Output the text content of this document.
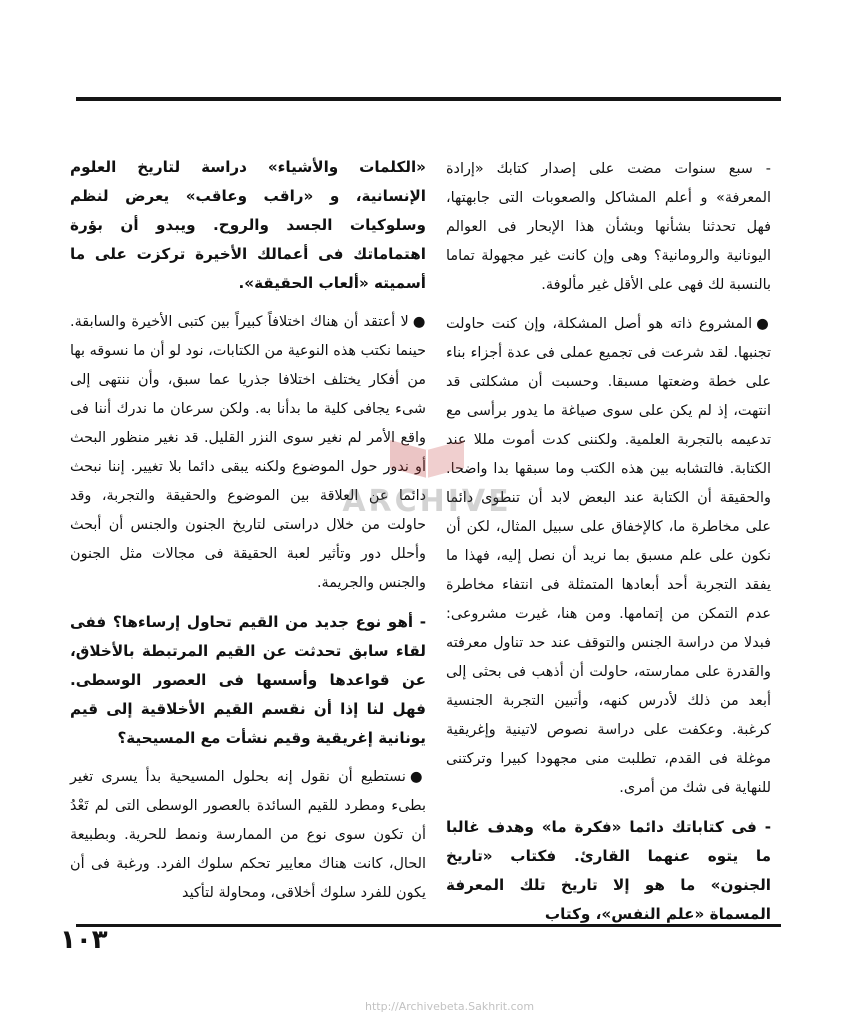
- سبع سنوات مضت على إصدار كتابك «إرادة المعرفة» و أعلم المشاكل والصعوبات التى جابهتها، فهل تحدثنا بشأنها وبشأن هذا الإبحار فى العوالم اليونانية والرومانية؟ وهى وإن كانت غير مجهولة تماما بالنسبة لك فهى على الأقل غير مألوفة.

●المشروع ذاته هو أصل المشكلة، وإن كنت حاولت تجنبها. لقد شرعت فى تجميع عملى فى عدة أجزاء بناء على خطة وضعتها مسبقا. وحسبت أن مشكلتى قد انتهت، إذ لم يكن على سوى صياغة ما يدور برأسى مع تدعيمه بالتجربة العلمية. ولكننى كدت أموت مللا عند الكتابة. فالتشابه بين هذه الكتب وما سبقها بدا واضحا. والحقيقة أن الكتابة عند البعض لابد أن تنطوى دائما على مخاطرة ما، كالإخفاق على سبيل المثال، لكن أن نكون على علم مسبق بما نريد أن نصل إليه، فهذا ما يفقد التجربة أحد أبعادها المتمثلة فى انتفاء مخاطرة عدم التمكن من إتمامها. ومن هنا، غيرت مشروعى: فبدلا من دراسة الجنس والتوقف عند حد تناول معرفته والقدرة على ممارسته، حاولت أن أذهب فى بحثى إلى أبعد من ذلك لأدرس كنهه، وأتبين التجربة الجنسية كرغبة. وعكفت على دراسة نصوص لاتينية وإغريقية موغلة فى القدم، تطلبت منى مجهودا كبيرا وتركتنى للنهاية فى شك من أمرى.

- فى كتاباتك دائما «فكرة ما» وهدف غالبا ما يتوه عنهما القارئ. فكتاب «تاريخ الجنون» ما هو إلا تاريخ تلك المعرفة المسماة «علم النفس»، وكتاب

«الكلمات والأشياء» دراسة لتاريخ العلوم الإنسانية، و «راقب وعاقب» يعرض لنظم وسلوكيات الجسد والروح. ويبدو أن بؤرة اهتماماتك فى أعمالك الأخيرة تركزت على ما أسميته «ألعاب الحقيقة».

●لا أعتقد أن هناك اختلافاً كبيراً بين كتبى الأخيرة والسابقة. حينما نكتب هذه النوعية من الكتابات، نود لو أن ما نسوقه بها من أفكار يختلف اختلافا جذريا عما سبق، وأن ننتهى إلى شىء يجافى كلية ما بدأنا به. ولكن سرعان ما ندرك أننا فى واقع الأمر لم نغير سوى النزر القليل. قد نغير منظور البحث أو ندور حول الموضوع ولكنه يبقى دائما بلا تغيير. إننا نبحث دائما عن العلاقة بين الموضوع والحقيقة والتجربة، وقد حاولت من خلال دراستى لتاريخ الجنون والجنس أن أبحث وأحلل دور وتأثير لعبة الحقيقة فى مجالات مثل الجنون والجنس والجريمة.

- أهو نوع جديد من القيم تحاول إرساءها؟ ففى لقاء سابق تحدثت عن القيم المرتبطة بالأخلاق، عن قواعدها وأسسها فى العصور الوسطى. فهل لنا إذا أن نقسم القيم الأخلاقية إلى قيم يونانية إغريقية وقيم نشأت مع المسيحية؟

●نستطيع أن نقول إنه بحلول المسيحية بدأ يسرى تغير بطىء ومطرد للقيم السائدة بالعصور الوسطى التى لم تَعْدُ أن تكون سوى نوع من الممارسة ونمط للحرية. وبطبيعة الحال، كانت هناك معايير تحكم سلوك الفرد. ورغبة فى أن يكون للفرد سلوك أخلاقى، ومحاولة لتأكيد

١٠٣
ARCHIVE
http://Archivebeta.Sakhrit.com
